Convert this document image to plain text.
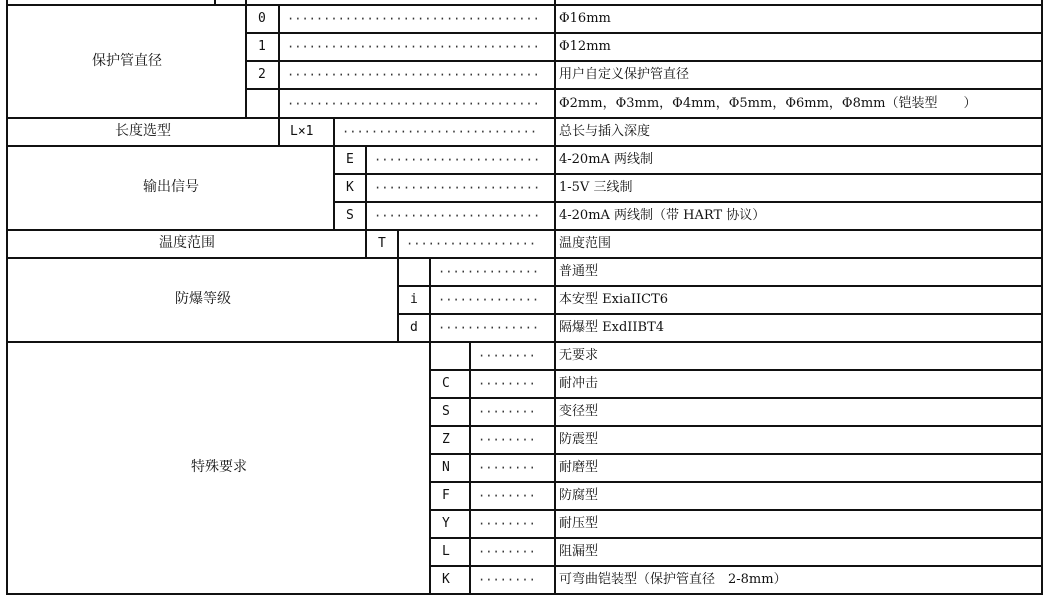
保护管直径
长度选型
输出信号
温度范围
防爆等级
特殊要求
0 ··································· Φ16mm
1 ··································· Φ12mm
2 ··································· 用户自定义保护管直径
··································· Φ2mm，Φ3mm，Φ4mm，Φ5mm，Φ6mm，Φ8mm（铠装型　　）
L×1 ··························· 总长与插入深度
E ······················· 4-20mA 两线制
K ······················· 1-5V 三线制
S ······················· 4-20mA 两线制（带 HART 协议）
T ·················· 温度范围
·············· 普通型
i ·············· 本安型 ExiaIICT6
d ·············· 隔爆型 ExdIIBT4
········ 无要求
C ········ 耐冲击
S ········ 变径型
Z ········ 防震型
N ········ 耐磨型
F ········ 防腐型
Y ········ 耐压型
L ········ 阻漏型
K ········ 可弯曲铠装型（保护管直径　2-8mm）
